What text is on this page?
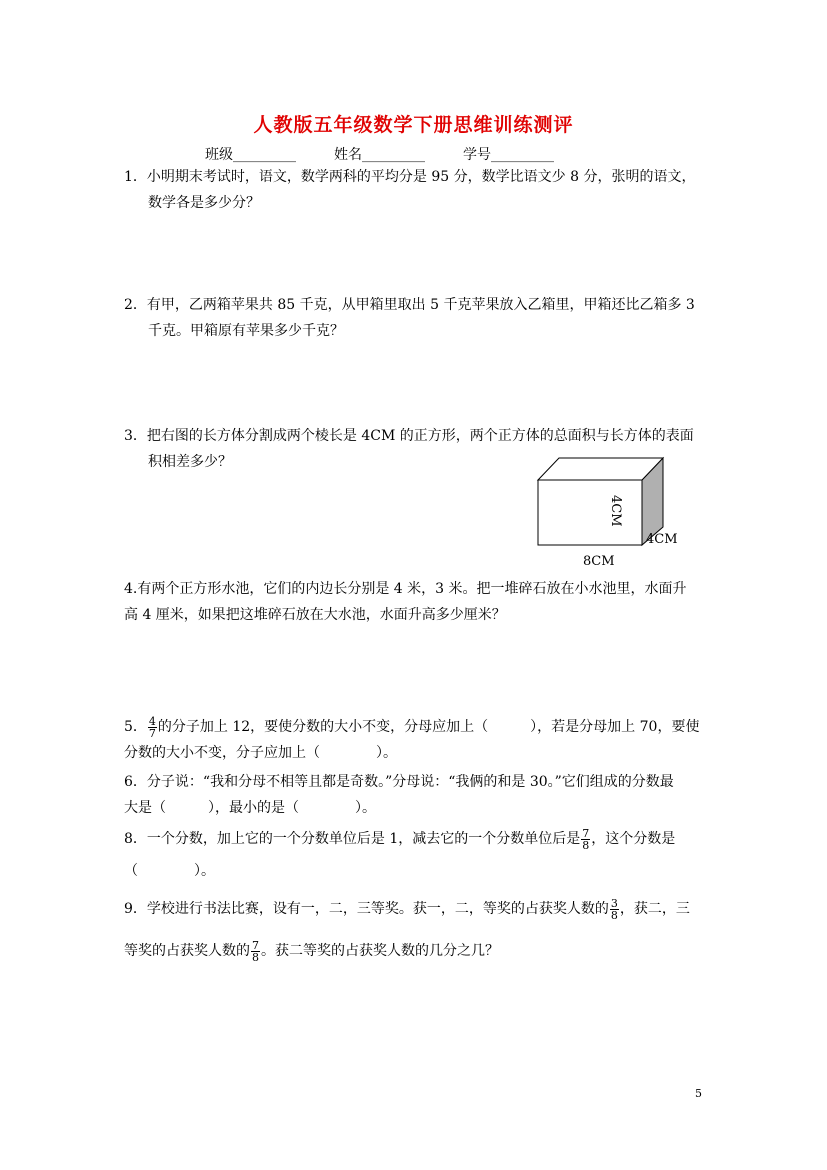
人教版五年级数学下册思维训练测评
班级_________	姓名_________	学号_________
1．小明期末考试时，语文，数学两科的平均分是 95 分，数学比语文少 8 分，张明的语文，
数学各是多少分？
2．有甲，乙两箱苹果共 85 千克，从甲箱里取出 5 千克苹果放入乙箱里，甲箱还比乙箱多 3
千克。甲箱原有苹果多少千克？
3．把右图的长方体分割成两个棱长是 4CM 的正方形，两个正方体的总面积与长方体的表面
积相差多少？
4CM
4CM
8CM
4.有两个正方形水池，它们的内边长分别是 4 米，3 米。把一堆碎石放在小水池里，水面升
高 4 厘米，如果把这堆碎石放在大水池，水面升高多少厘米？
5． $\frac{4}{7}$ 的分子加上 12，要使分数的大小不变，分母应加上（　　　），若是分母加上 70，要使
分数的大小不变，分子应加上（　　　　）。
6．分子说：“我和分母不相等且都是奇数。”分母说：“我俩的和是 30。”它们组成的分数最
大是（　　　），最小的是（　　　　）。
8．一个分数，加上它的一个分数单位后是 1，减去它的一个分数单位后是 $\frac{7}{8}$ ，这个分数是
（　　　　）。
9．学校进行书法比赛，设有一，二，三等奖。获一，二，等奖的占获奖人数的 $\frac{3}{8}$ ，获二，三
等奖的占获奖人数的 $\frac{7}{8}$ 。获二等奖的占获奖人数的几分之几？
5
